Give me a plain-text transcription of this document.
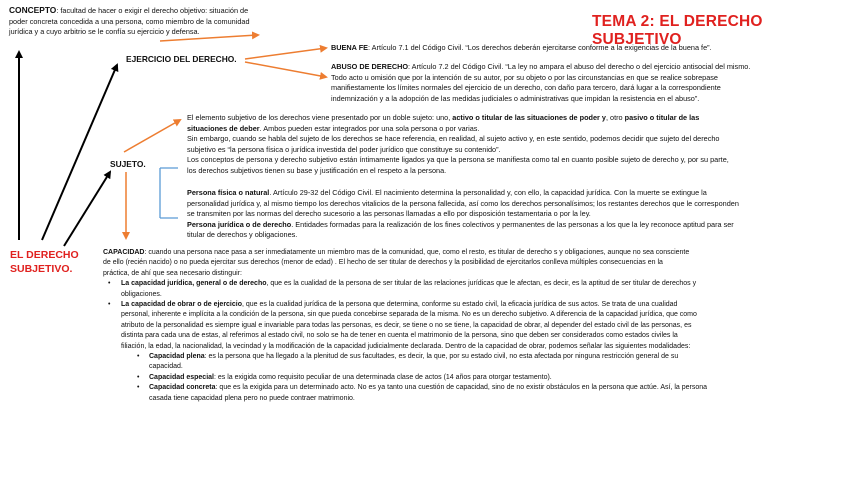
TEMA 2: EL DERECHO SUBJETIVO
EL DERECHO
SUBJETIVO.
CONCEPTO: facultad de hacer o exigir el derecho objetivo: situación de
poder concreta concedida a una persona, como miembro de la comunidad
jurídica y a cuyo arbitrio se le confía su ejercicio y defensa.
EJERCICIO DEL DERECHO.
BUENA FE: Artículo 7.1 del Código Civil. “Los derechos deberán ejercitarse conforme a la exigencias de la buena fe”.
ABUSO DE DERECHO: Artículo 7.2 del Código Civil. “La ley no ampara el abuso del derecho o del ejercicio antisocial del mismo.
Todo acto u omisión que por la intención de su autor, por su objeto o por las circunstancias en que se realice sobrepase
manifiestamente los límites normales del ejercicio de un derecho, con daño para tercero, dará lugar a la correspondiente
indemnización y a la adopción de las medidas judiciales o administrativas que impidan la resistencia en el abuso”.
SUJETO.
El elemento subjetivo de los derechos viene presentado por un doble sujeto: uno, activo o titular de las situaciones de poder y, otro pasivo o titular de las
situaciones de deber. Ambos pueden estar integrados por una sola persona o por varias.
Sin embargo, cuando se habla del sujeto de los derechos se hace referencia, en realidad, al sujeto activo y, en este sentido, podemos decidir que sujeto del derecho
subjetivo es “la persona física o jurídica investida del poder jurídico que constituye su contenido”.
Los conceptos de persona y derecho subjetivo están íntimamente ligados ya que la persona se manifiesta como tal en cuanto posible sujeto de derecho y, por su parte,
los derechos subjetivos tienen su base y justificación en el respeto a la persona.
Persona física o natural. Artículo 29-32 del Código Civil. El nacimiento determina la personalidad y, con ello, la capacidad jurídica. Con la muerte se extingue la
personalidad jurídica y, al mismo tiempo los derechos vitalicios de la persona fallecida, así como los derechos personalísimos; los restantes derechos que le corresponden
se transmiten por las normas del derecho sucesorio a las personas llamadas a ello por disposición testamentaria o por la ley.
Persona jurídica o de derecho. Entidades formadas para la realización de los fines colectivos y permanentes de las personas a los que la ley reconoce aptitud para ser
titular de derechos y obligaciones.
CAPACIDAD: cuando una persona nace pasa a ser inmediatamente un miembro mas de la comunidad, que, como el resto, es titular de derecho s y obligaciones, aunque no sea consciente
de ello (recién nacido) o no pueda ejercitar sus derechos (menor de edad) . El hecho de ser titular de derechos y la posibilidad de ejercitarlos conlleva múltiples consecuencias en la
práctica, de ahí que sea necesario distinguir:
• La capacidad jurídica, general o de derecho, que es la cualidad de la persona de ser titular de las relaciones jurídicas que le afectan, es decir, es la aptitud de ser titular de derechos y
obligaciones.
• La capacidad de obrar o de ejercicio, que es la cualidad jurídica de la persona que determina, conforme su estado civil, la eficacia jurídica de sus actos. Se trata de una cualidad
personal, inherente e implícita a la condición de la persona, sin que pueda concebirse separada de la misma. No es un derecho subjetivo. A diferencia de la capacidad jurídica, que como
atributo de la personalidad es siempre igual e invariable para todas las personas, es decir, se tiene o no se tiene, la capacidad de obrar, al depender del estado civil de las personas, es
distinta para cada una de estas, al referimos al estado civil, no solo se ha de tener en cuenta el matrimonio de la persona, sino que deben ser considerados como estados civiles la
filiación, la edad, la nacionalidad, la vecindad y la modificación de la capacidad judicialmente declarada. Dentro de la capacidad de obrar, podemos señalar las siguientes modalidades:
• Capacidad plena: es la persona que ha llegado a la plenitud de sus facultades, es decir, la que, por su estado civil, no esta afectada por ninguna restricción general de su
capacidad.
• Capacidad especial: es la exigida como requisito peculiar de una determinada clase de actos (14 años para otorgar testamento).
• Capacidad concreta: que es la exigida para un determinado acto. No es ya tanto una cuestión de capacidad, sino de no existir obstáculos en la persona que actúe. Así, la persona
casada tiene capacidad plena pero no puede contraer matrimonio.
